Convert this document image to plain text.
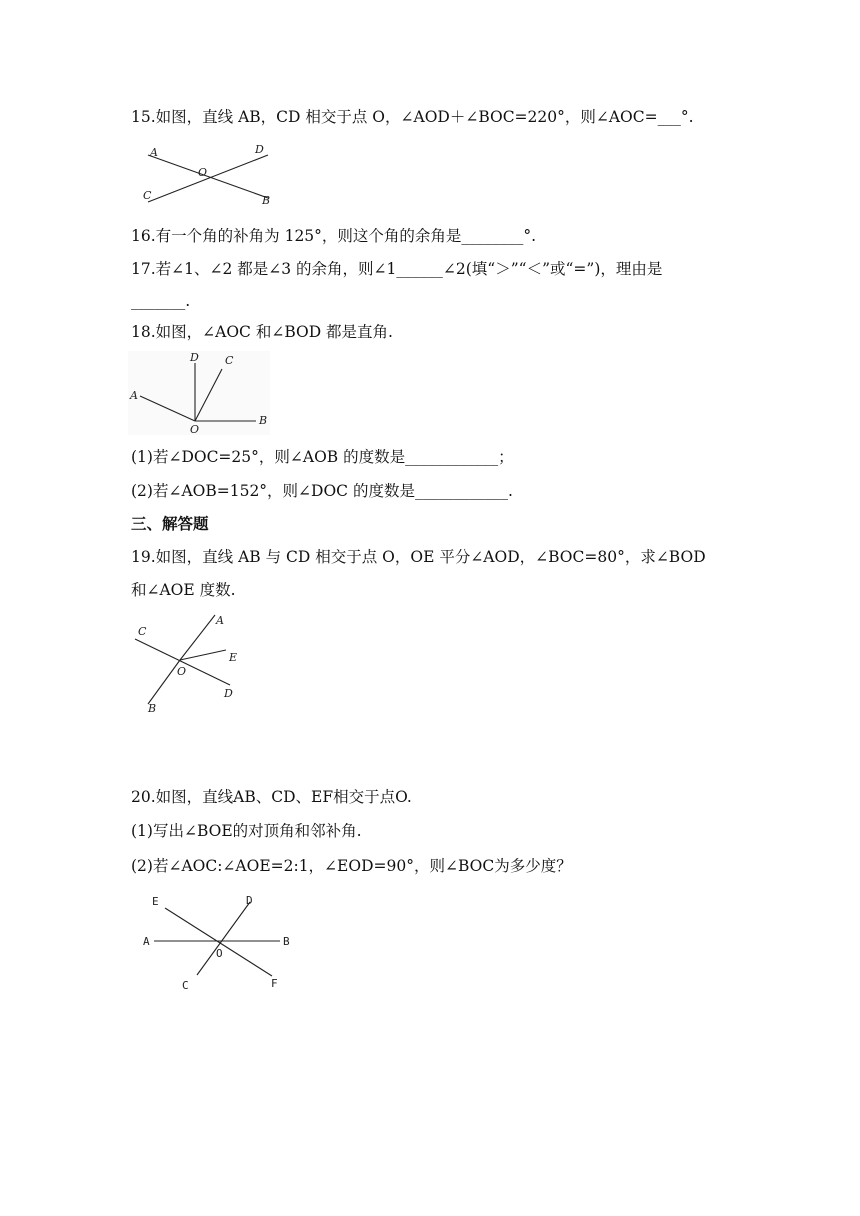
15.如图，直线 AB，CD 相交于点 O，∠AOD＋∠BOC=220°，则∠AOC=___°.
A	D
O
C	B
16.有一个角的补角为 125°，则这个角的余角是________°.
17.若∠1、∠2 都是∠3 的余角，则∠1______∠2(填“＞”“＜”或“=”)，理由是
_______.
18.如图，∠AOC 和∠BOD 都是直角.
D C
A
O
B
(1)若∠DOC=25°，则∠AOB 的度数是____________；
(2)若∠AOB=152°，则∠DOC 的度数是____________.
三、解答题
19.如图，直线 AB 与 CD 相交于点 O，OE 平分∠AOD，∠BOC=80°，求∠BOD
和∠AOE 度数.
C
A
E
O
D
B
20.如图，直线AB、CD、EF相交于点O.
(1)写出∠BOE的对顶角和邻补角.
(2)若∠AOC:∠AOE=2:1，∠EOD=90°，则∠BOC为多少度？
E	D
A	B
O
C	F
